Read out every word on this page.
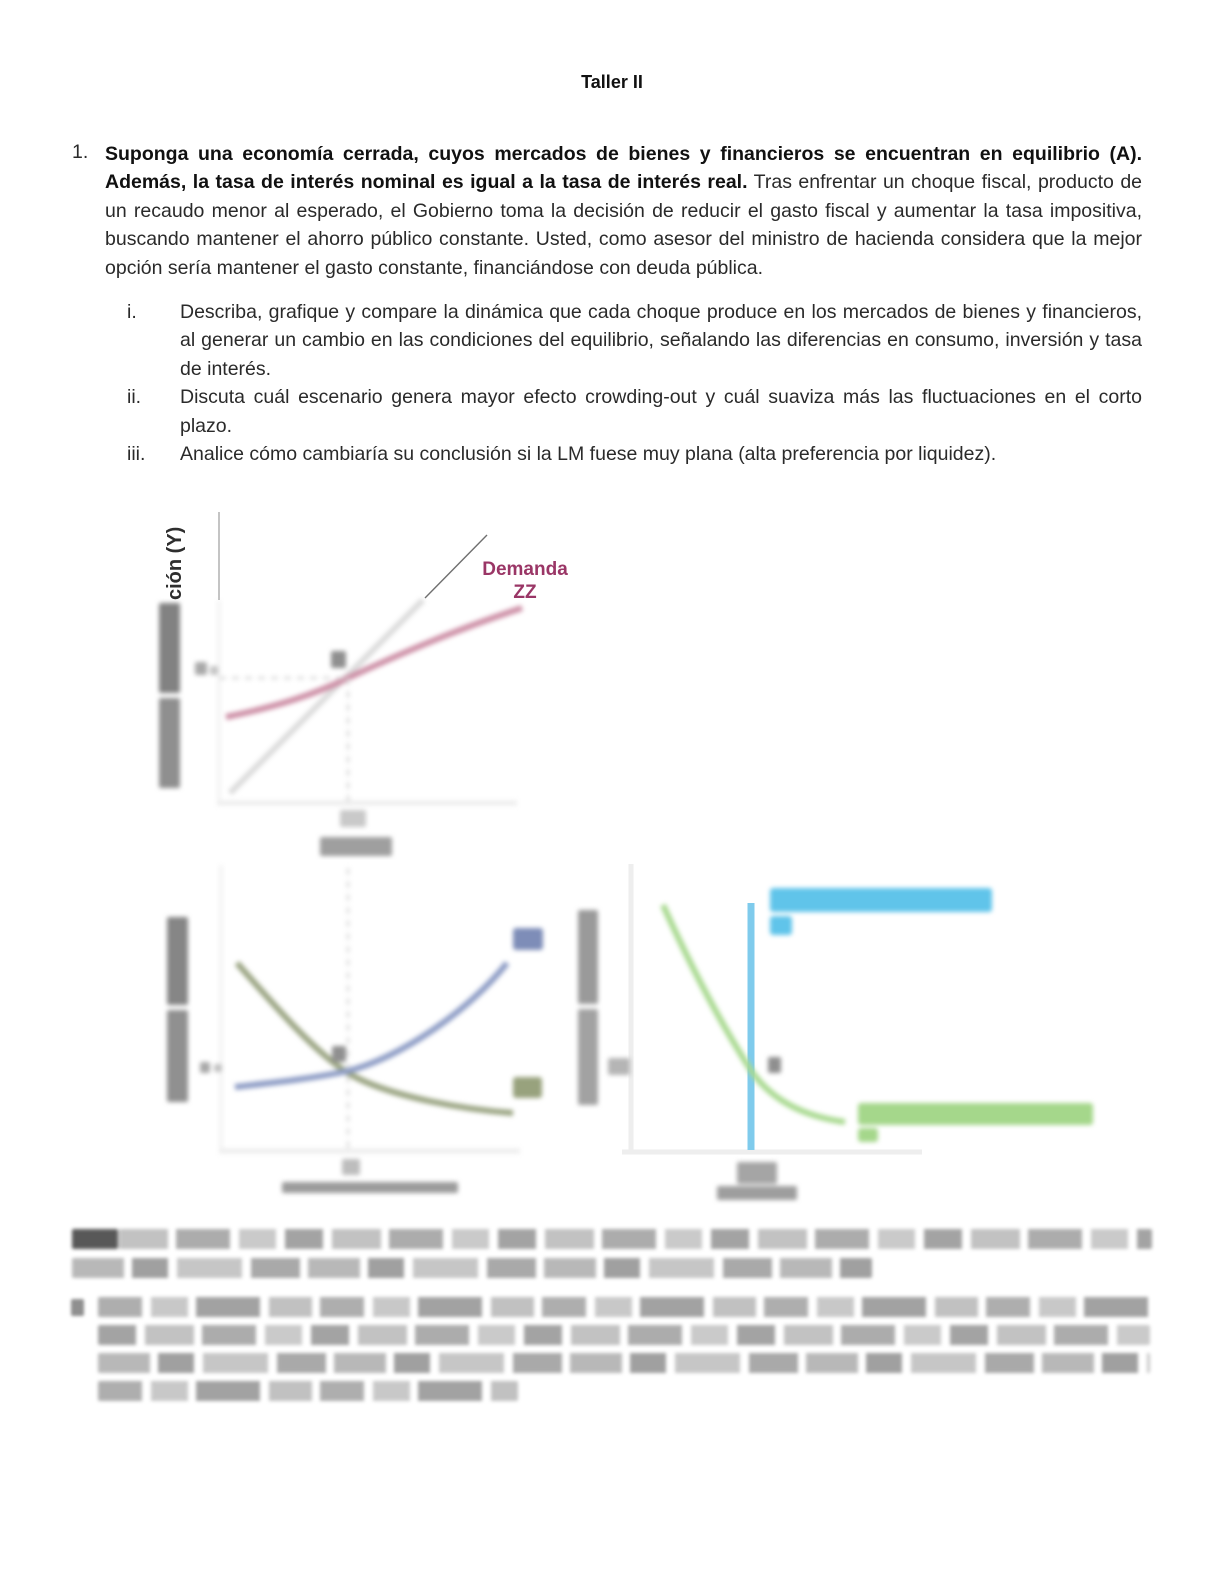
Taller II
1. Suponga una economía cerrada, cuyos mercados de bienes y financieros se encuentran en equilibrio (A). Además, la tasa de interés nominal es igual a la tasa de interés real. Tras enfrentar un choque fiscal, producto de un recaudo menor al esperado, el Gobierno toma la decisión de reducir el gasto fiscal y aumentar la tasa impositiva, buscando mantener el ahorro público constante. Usted, como asesor del ministro de hacienda considera que la mejor opción sería mantener el gasto constante, financiándose con deuda pública.
i. Describa, grafique y compare la dinámica que cada choque produce en los mercados de bienes y financieros, al generar un cambio en las condiciones del equilibrio, señalando las diferencias en consumo, inversión y tasa de interés.
ii. Discuta cuál escenario genera mayor efecto crowding-out y cuál suaviza más las fluctuaciones en el corto plazo.
iii. Analice cómo cambiaría su conclusión si la LM fuese muy plana (alta preferencia por liquidez).
Demanda
ZZ
ción (Y)
